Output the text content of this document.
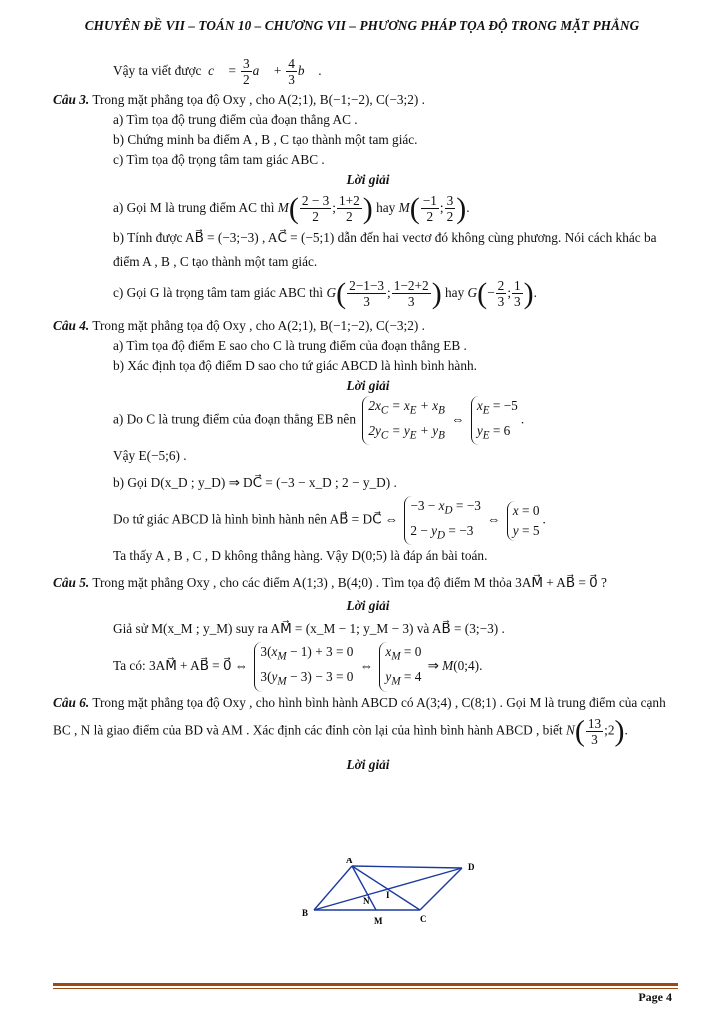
CHUYÊN ĐỀ VII – TOÁN 10 – CHƯƠNG VII – PHƯƠNG PHÁP TỌA ĐỘ TRONG MẶT PHẲNG
Vậy ta viết được  c⃗ = $\frac{3}{2}$ a⃗ + $\frac{4}{3}$ b⃗ .
Câu 3. Trong mặt phẳng tọa độ Oxy , cho A(2;1), B(−1;−2), C(−3;2) .
a) Tìm tọa độ trung điểm của đoạn thẳng AC .
b) Chứng minh ba điểm A , B , C tạo thành một tam giác.
c) Tìm tọa độ trọng tâm tam giác ABC .
Lời giải
a) Gọi M là trung điểm AC thì $M( \frac{2 - 3}{2}$ ; $\frac{1+2}{2}$ ) hay $M( \frac{-1}{2}$ ; $\frac{3}{2}$ ).
b) Tính được AB⃗ = (−3;−3) , AC⃗ = (−5;1) dẫn đến hai vectơ đó không cùng phương. Nói cách khác ba điểm A , B , C tạo thành một tam giác.
c) Gọi G là trọng tâm tam giác ABC thì $G( \frac{2-1-3}{3}$ ; $\frac{1-2+2}{3}$ ) hay $G(- \frac{2}{3}$ ; $\frac{1}{3}$ ).
Câu 4. Trong mặt phẳng tọa độ Oxy , cho A(2;1), B(−1;−2), C(−3;2) .
a) Tìm tọa độ điểm E sao cho C là trung điểm của đoạn thẳng EB .
b) Xác định tọa độ điểm D sao cho tứ giác ABCD là hình bình hành.
Lời giải
a) Do C là trung điểm của đoạn thẳng EB nên $2x_C = x_E + x_B$
$2y_C = y_E + y_B$ ⇔ $x_E = -5$
$y_E = 6$.
Vậy E(−5;6) .
b) Gọi D(x_D ; y_D) ⇒ DC⃗ = (−3 − x_D ; 2 − y_D) .
Do tứ giác ABCD là hình bình hành nên AB⃗ = DC⃗ ⇔ $-3 - x_D = -3$
$2 - y_D = -3$ ⇔ x = 0
y = 5.
Ta thấy A , B , C , D không thẳng hàng. Vậy D(0;5) là đáp án bài toán.
Câu 5. Trong mặt phẳng Oxy , cho các điểm A(1;3) , B(4;0) . Tìm tọa độ điểm M thỏa 3AM⃗ + AB⃗ = 0⃗ ?
Lời giải
Giả sử M(x_M ; y_M) suy ra AM⃗ = (x_M − 1; y_M − 3) và AB⃗ = (3;−3) .
Ta có: 3AM⃗ + AB⃗ = 0⃗ ⇔ $3(x_M - 1) + 3 = 0$
$3(y_M - 3) - 3 = 0$ ⇔ $x_M = 0$
$y_M = 4$ ⇒ M(0;4).
Câu 6. Trong mặt phẳng tọa độ Oxy , cho hình bình hành ABCD có A(3;4) , C(8;1) . Gọi M là trung điểm của cạnh BC , N là giao điểm của BD và AM . Xác định các đỉnh còn lại của hình bình hành ABCD , biết $N( \frac{13}{3}$ ;2).
Lời giải
A
D
B
M	C
N
I
Page 4
